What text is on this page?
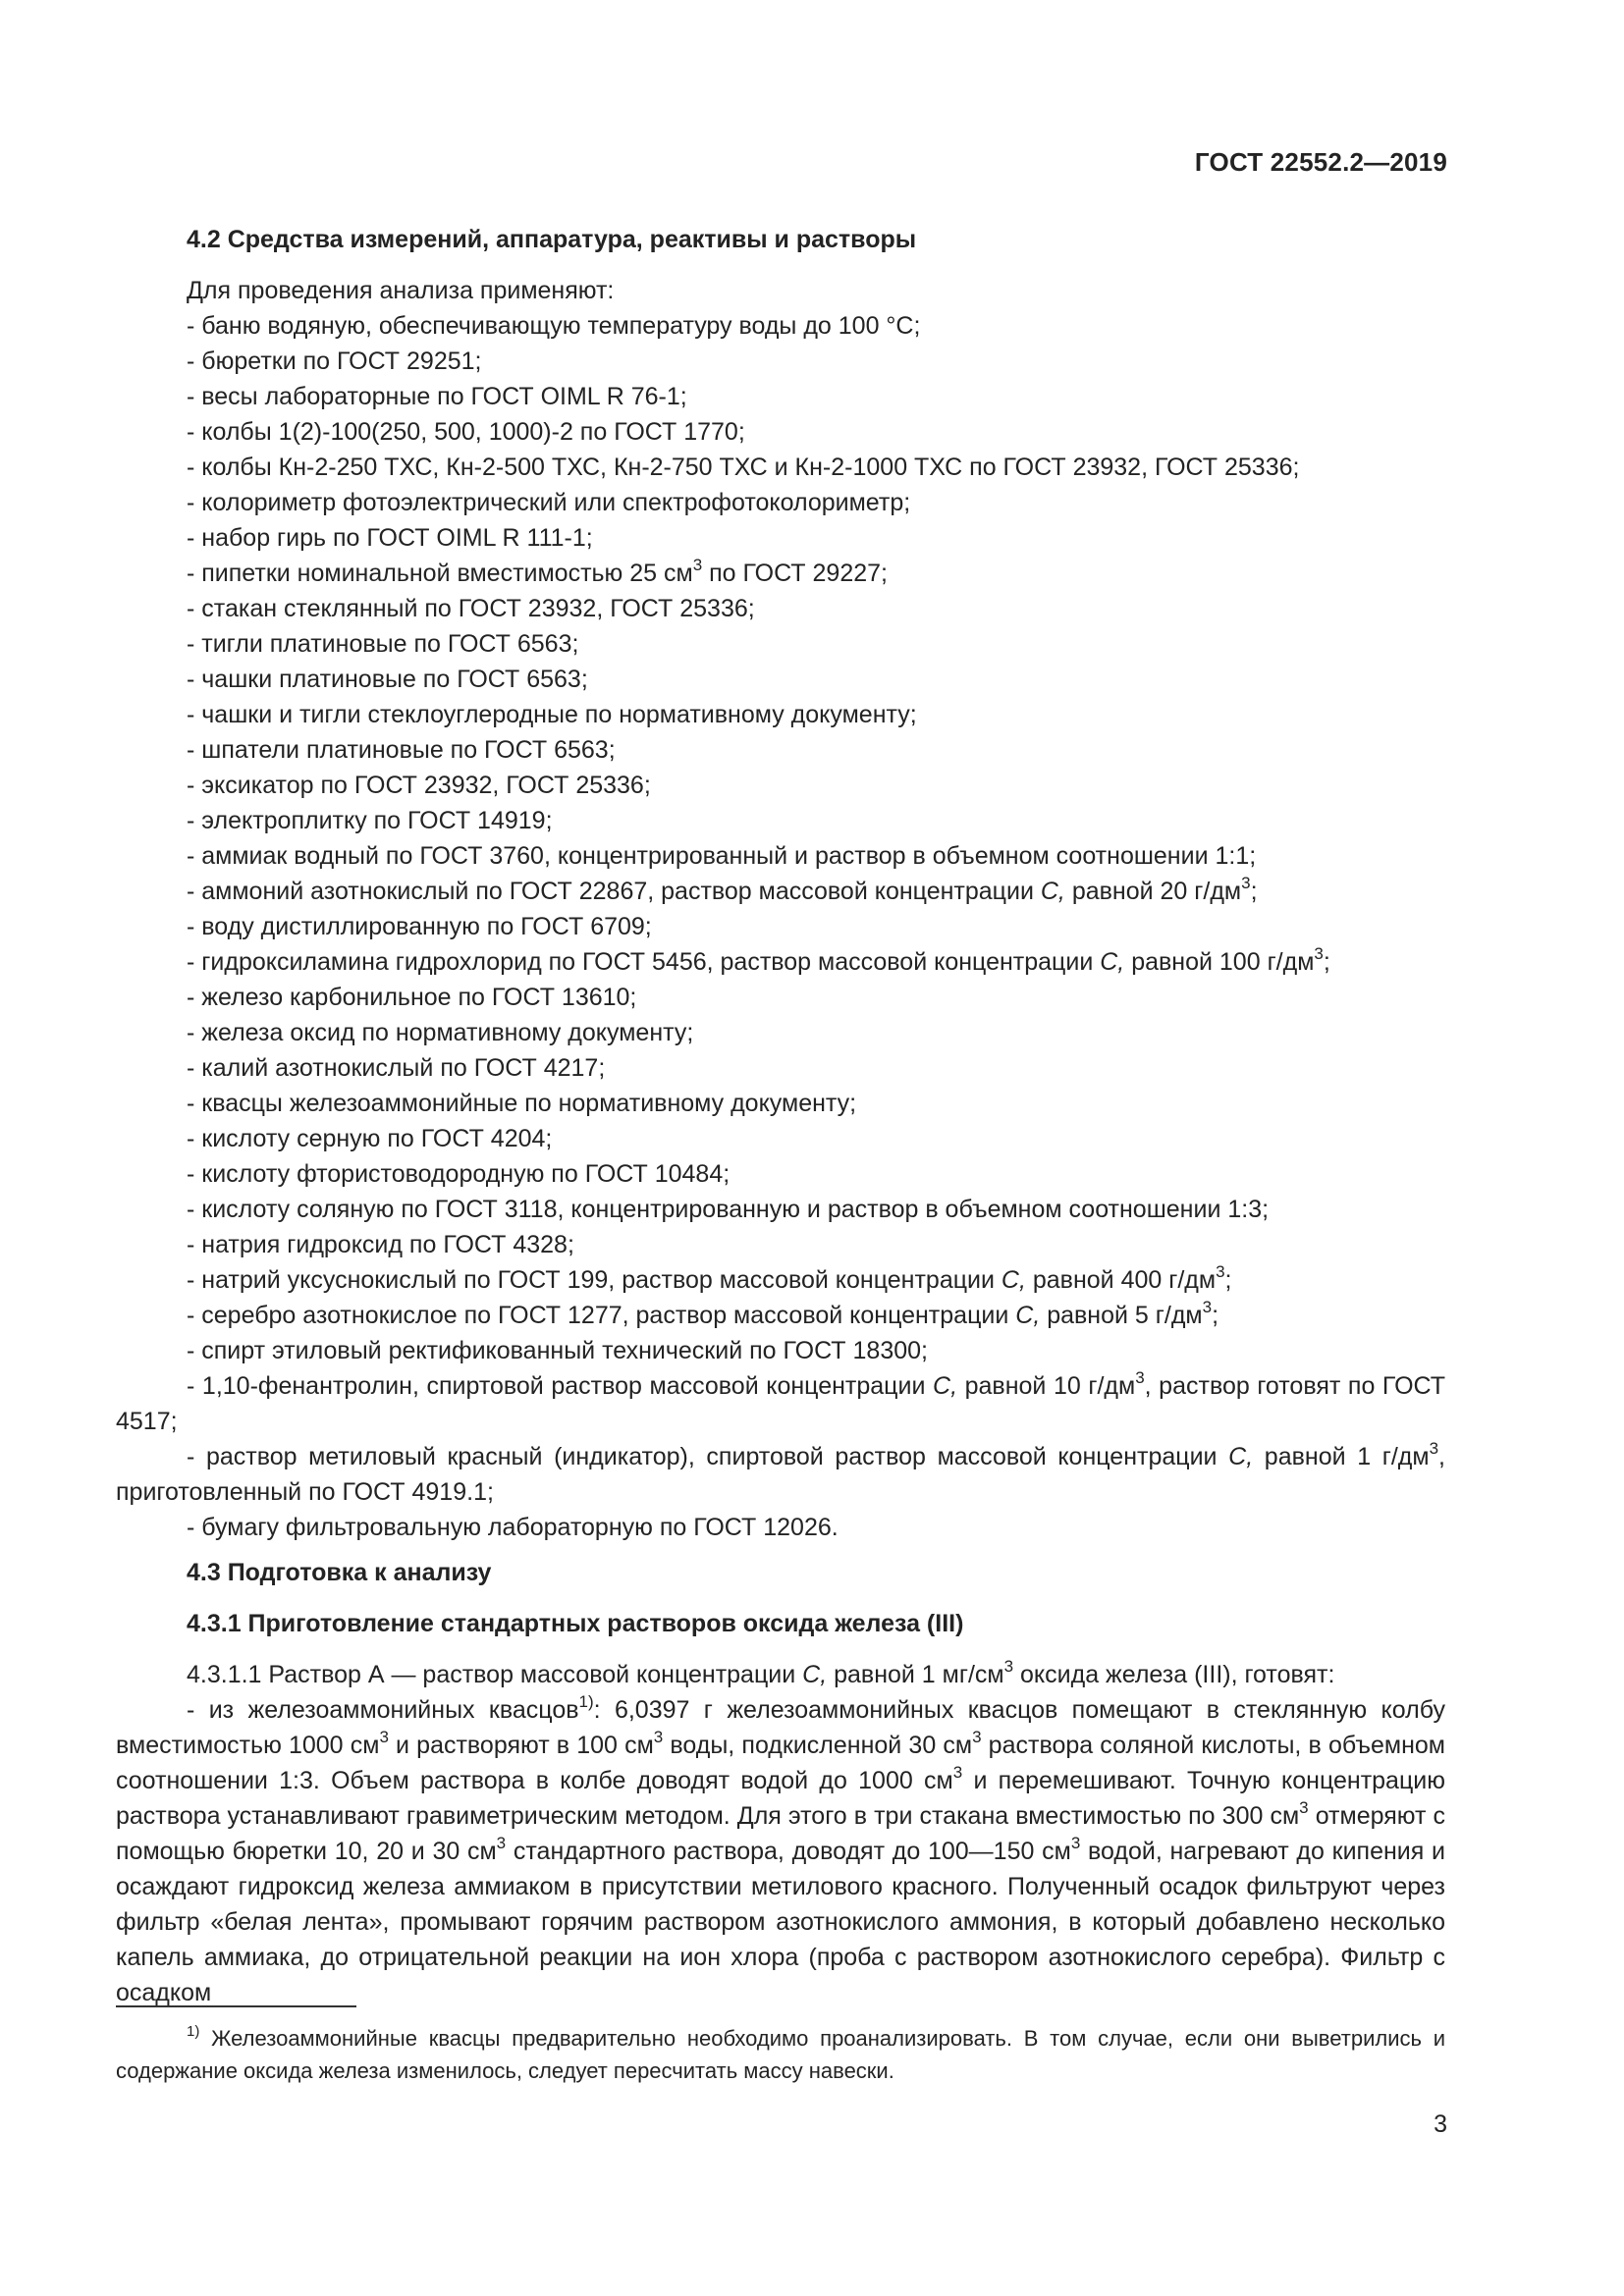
ГОСТ 22552.2—2019
4.2 Средства измерений, аппаратура, реактивы и растворы
Для проведения анализа применяют:
- баню водяную, обеспечивающую температуру воды до 100 °С;
- бюретки по ГОСТ 29251;
- весы лабораторные по ГОСТ OIML R 76-1;
- колбы 1(2)-100(250, 500, 1000)-2 по ГОСТ 1770;
- колбы Кн-2-250 ТХС, Кн-2-500 ТХС, Кн-2-750 ТХС и Кн-2-1000 ТХС по ГОСТ 23932, ГОСТ 25336;
- колориметр фотоэлектрический или спектрофотоколориметр;
- набор гирь по ГОСТ OIML R 111-1;
- пипетки номинальной вместимостью 25 $см^3$ по ГОСТ 29227;
- стакан стеклянный по ГОСТ 23932, ГОСТ 25336;
- тигли платиновые по ГОСТ 6563;
- чашки платиновые по ГОСТ 6563;
- чашки и тигли стеклоуглеродные по нормативному документу;
- шпатели платиновые по ГОСТ 6563;
- эксикатор по ГОСТ 23932, ГОСТ 25336;
- электроплитку по ГОСТ 14919;
- аммиак водный по ГОСТ 3760, концентрированный и раствор в объемном соотношении 1:1;
- аммоний азотнокислый по ГОСТ 22867, раствор массовой концентрации С, равной 20 $г/дм^3$;
- воду дистиллированную по ГОСТ 6709;
- гидроксиламина гидрохлорид по ГОСТ 5456, раствор массовой концентрации С, равной 100 $г/дм^3$;
- железо карбонильное по ГОСТ 13610;
- железа оксид по нормативному документу;
- калий азотнокислый по ГОСТ 4217;
- квасцы железоаммонийные по нормативному документу;
- кислоту серную по ГОСТ 4204;
- кислоту фтористоводородную по ГОСТ 10484;
- кислоту соляную по ГОСТ 3118, концентрированную и раствор в объемном соотношении 1:3;
- натрия гидроксид по ГОСТ 4328;
- натрий уксуснокислый по ГОСТ 199, раствор массовой концентрации С, равной 400 $г/дм^3$;
- серебро азотнокислое по ГОСТ 1277, раствор массовой концентрации С, равной 5 $г/дм^3$;
- спирт этиловый ректификованный технический по ГОСТ 18300;
- 1,10-фенантролин, спиртовой раствор массовой концентрации С, равной 10 $г/дм^3$, раствор готовят по ГОСТ 4517;
- раствор метиловый красный (индикатор), спиртовой раствор массовой концентрации С, равной 1 $г/дм^3$, приготовленный по ГОСТ 4919.1;
- бумагу фильтровальную лабораторную по ГОСТ 12026.
4.3 Подготовка к анализу
4.3.1 Приготовление стандартных растворов оксида железа (III)
4.3.1.1 Раствор А — раствор массовой концентрации С, равной 1 $мг/см^3$ оксида железа (III), готовят:
- из железоаммонийных квасцов$^{1)}$: 6,0397 г железоаммонийных квасцов помещают в стеклянную колбу вместимостью 1000 $см^3$ и растворяют в 100 $см^3$ воды, подкисленной 30 $см^3$ раствора соляной кислоты, в объемном соотношении 1:3. Объем раствора в колбе доводят водой до 1000 $см^3$ и перемешивают. Точную концентрацию раствора устанавливают гравиметрическим методом. Для этого в три стакана вместимостью по 300 $см^3$ отмеряют с помощью бюретки 10, 20 и 30 $см^3$ стандартного раствора, доводят до 100—150 $см^3$ водой, нагревают до кипения и осаждают гидроксид железа аммиаком в присутствии метилового красного. Полученный осадок фильтруют через фильтр «белая лента», промывают горячим раствором азотнокислого аммония, в который добавлено несколько капель аммиака, до отрицательной реакции на ион хлора (проба с раствором азотнокислого серебра). Фильтр с осадком
$^{1)}$ Железоаммонийные квасцы предварительно необходимо проанализировать. В том случае, если они выветрились и содержание оксида железа изменилось, следует пересчитать массу навески.
3
